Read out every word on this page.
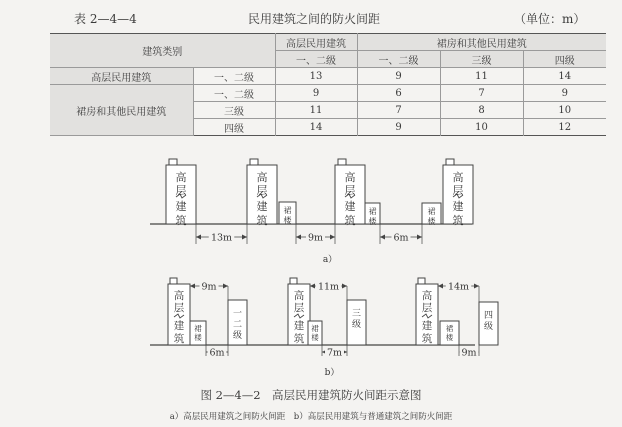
表 2—4—4	民用建筑之间的防火间距	（单位：m）
建筑类别		高层民用建筑	裙房和其他民用建筑		
		一、二级	一、二级	三级	四级
高层民用建筑	一、二级	13	9	11	14
裙房和其他民用建筑	一、二级	9	6	7	9
	三级	11	7	8	10
	四级	14	9	10	12
高
层
建
筑
高
层
建
筑
裙
楼
高
层
建
筑
裙
楼
高
层
建
筑
裙
楼
13m	9m	6m
a）
高
层
建
筑
裙
楼
一
二
级
9m
6m
高
层
建
筑
裙
楼
三
级
11m
7m
高
层
建
筑
裙
楼
四
级
14m
9m
b）
图 2—4—2　高层民用建筑防火间距示意图
a）高层民用建筑之间防火间距　b）高层民用建筑与普通建筑之间防火间距
